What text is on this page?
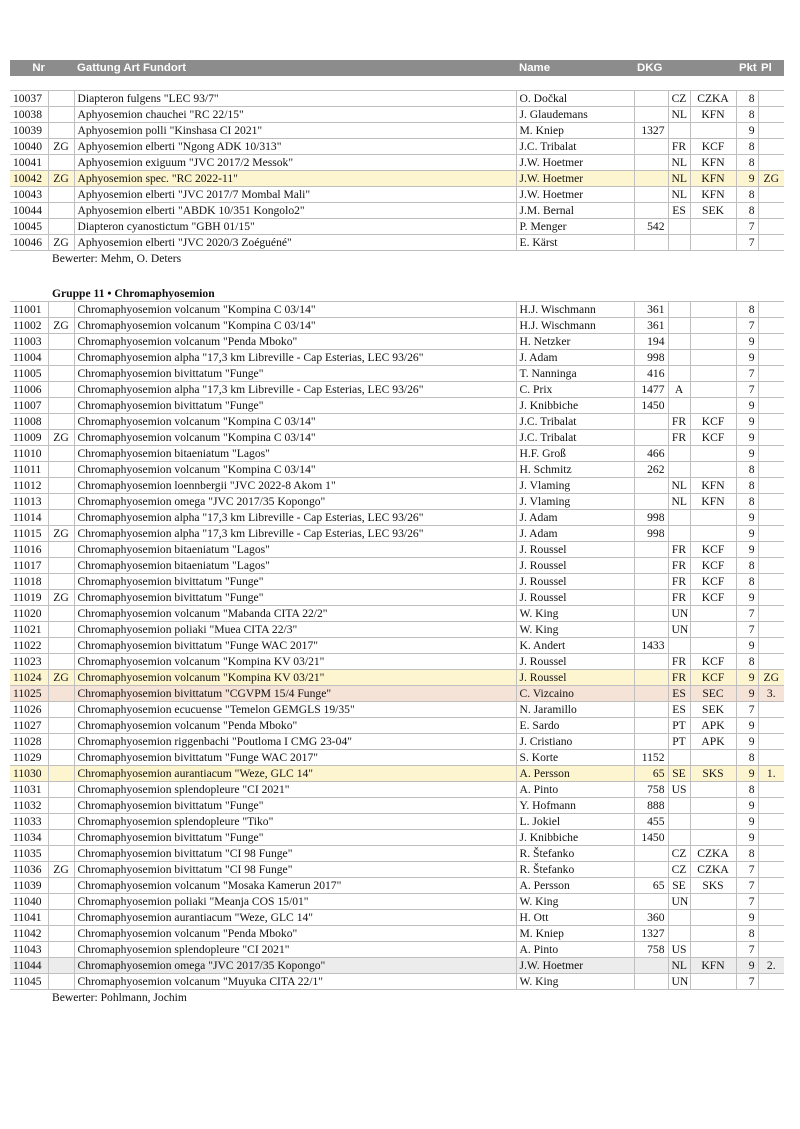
Nr		Gattung Art Fundort	Name	DKG			Pkt	Pl

10037		Diapteron fulgens "LEC 93/7"	O. Dočkal		CZ	CZKA	8	
10038		Aphyosemion chauchei "RC 22/15"	J. Glaudemans		NL	KFN	8	
10039		Aphyosemion polli "Kinshasa CI 2021"	M. Kniep	1327			9	
10040	ZG	Aphyosemion elberti "Ngong ADK 10/313"	J.C. Tribalat		FR	KCF	8	
10041		Aphyosemion exiguum "JVC 2017/2 Messok"	J.W. Hoetmer		NL	KFN	8	
10042	ZG	Aphyosemion spec. "RC 2022-11"	J.W. Hoetmer		NL	KFN	9	ZG
10043		Aphyosemion elberti "JVC 2017/7 Mombal Mali"	J.W. Hoetmer		NL	KFN	8	
10044		Aphyosemion elberti "ABDK 10/351 Kongolo2"	J.M. Bernal		ES	SEK	8	
10045		Diapteron cyanostictum "GBH 01/15"	P. Menger	542			7	
10046	ZG	Aphyosemion elberti "JVC 2020/3 Zoéguéné"	E. Kärst				7	
Bewerter: Mehm, O. Deters								

Gruppe 11 • Chromaphyosemion								
11001		Chromaphyosemion volcanum "Kompina C 03/14"	H.J. Wischmann	361			8	
11002	ZG	Chromaphyosemion volcanum "Kompina C 03/14"	H.J. Wischmann	361			7	
11003		Chromaphyosemion volcanum "Penda Mboko"	H. Netzker	194			9	
11004		Chromaphyosemion alpha "17,3 km Libreville - Cap Esterias, LEC 93/26"	J. Adam	998			9	
11005		Chromaphyosemion bivittatum "Funge"	T. Nanninga	416			7	
11006		Chromaphyosemion alpha "17,3 km Libreville - Cap Esterias, LEC 93/26"	C. Prix	1477	A		7	
11007		Chromaphyosemion bivittatum "Funge"	J. Knibbiche	1450			9	
11008		Chromaphyosemion volcanum "Kompina C 03/14"	J.C. Tribalat		FR	KCF	9	
11009	ZG	Chromaphyosemion volcanum "Kompina C 03/14"	J.C. Tribalat		FR	KCF	9	
11010		Chromaphyosemion bitaeniatum "Lagos"	H.F. Groß	466			9	
11011		Chromaphyosemion volcanum "Kompina C 03/14"	H. Schmitz	262			8	
11012		Chromaphyosemion loennbergii "JVC 2022-8 Akom 1"	J. Vlaming		NL	KFN	8	
11013		Chromaphyosemion omega "JVC 2017/35 Kopongo"	J. Vlaming		NL	KFN	8	
11014		Chromaphyosemion alpha "17,3 km Libreville - Cap Esterias, LEC 93/26"	J. Adam	998			9	
11015	ZG	Chromaphyosemion alpha "17,3 km Libreville - Cap Esterias, LEC 93/26"	J. Adam	998			9	
11016		Chromaphyosemion bitaeniatum "Lagos"	J. Roussel		FR	KCF	9	
11017		Chromaphyosemion bitaeniatum "Lagos"	J. Roussel		FR	KCF	8	
11018		Chromaphyosemion bivittatum "Funge"	J. Roussel		FR	KCF	8	
11019	ZG	Chromaphyosemion bivittatum "Funge"	J. Roussel		FR	KCF	9	
11020		Chromaphyosemion volcanum "Mabanda CITA 22/2"	W. King		UN		7	
11021		Chromaphyosemion poliaki "Muea CITA 22/3"	W. King		UN		7	
11022		Chromaphyosemion bivittatum "Funge WAC 2017"	K. Andert	1433			9	
11023		Chromaphyosemion volcanum "Kompina KV 03/21"	J. Roussel		FR	KCF	8	
11024	ZG	Chromaphyosemion volcanum "Kompina KV 03/21"	J. Roussel		FR	KCF	9	ZG
11025		Chromaphyosemion bivittatum "CGVPM 15/4 Funge"	C. Vizcaino		ES	SEC	9	3.
11026		Chromaphyosemion ecucuense "Temelon GEMGLS 19/35"	N. Jaramillo		ES	SEK	7	
11027		Chromaphyosemion volcanum "Penda Mboko"	E. Sardo		PT	APK	9	
11028		Chromaphyosemion riggenbachi "Poutloma I CMG 23-04"	J. Cristiano		PT	APK	9	
11029		Chromaphyosemion bivittatum "Funge WAC 2017"	S. Korte	1152			8	
11030		Chromaphyosemion aurantiacum "Weze, GLC 14"	A. Persson	65	SE	SKS	9	1.
11031		Chromaphyosemion splendopleure "CI 2021"	A. Pinto	758	US		8	
11032		Chromaphyosemion bivittatum "Funge"	Y. Hofmann	888			9	
11033		Chromaphyosemion splendopleure "Tiko"	L. Jokiel	455			9	
11034		Chromaphyosemion bivittatum "Funge"	J. Knibbiche	1450			9	
11035		Chromaphyosemion bivittatum "CI 98 Funge"	R. Štefanko		CZ	CZKA	8	
11036	ZG	Chromaphyosemion bivittatum "CI 98 Funge"	R. Štefanko		CZ	CZKA	7	
11039		Chromaphyosemion volcanum "Mosaka Kamerun 2017"	A. Persson	65	SE	SKS	7	
11040		Chromaphyosemion poliaki "Meanja COS 15/01"	W. King		UN		7	
11041		Chromaphyosemion aurantiacum "Weze, GLC 14"	H. Ott	360			9	
11042		Chromaphyosemion volcanum "Penda Mboko"	M. Kniep	1327			8	
11043		Chromaphyosemion splendopleure "CI 2021"	A. Pinto	758	US		7	
11044		Chromaphyosemion omega "JVC 2017/35 Kopongo"	J.W. Hoetmer		NL	KFN	9	2.
11045		Chromaphyosemion volcanum "Muyuka CITA 22/1"	W. King		UN		7	
Bewerter: Pohlmann, Jochim								
